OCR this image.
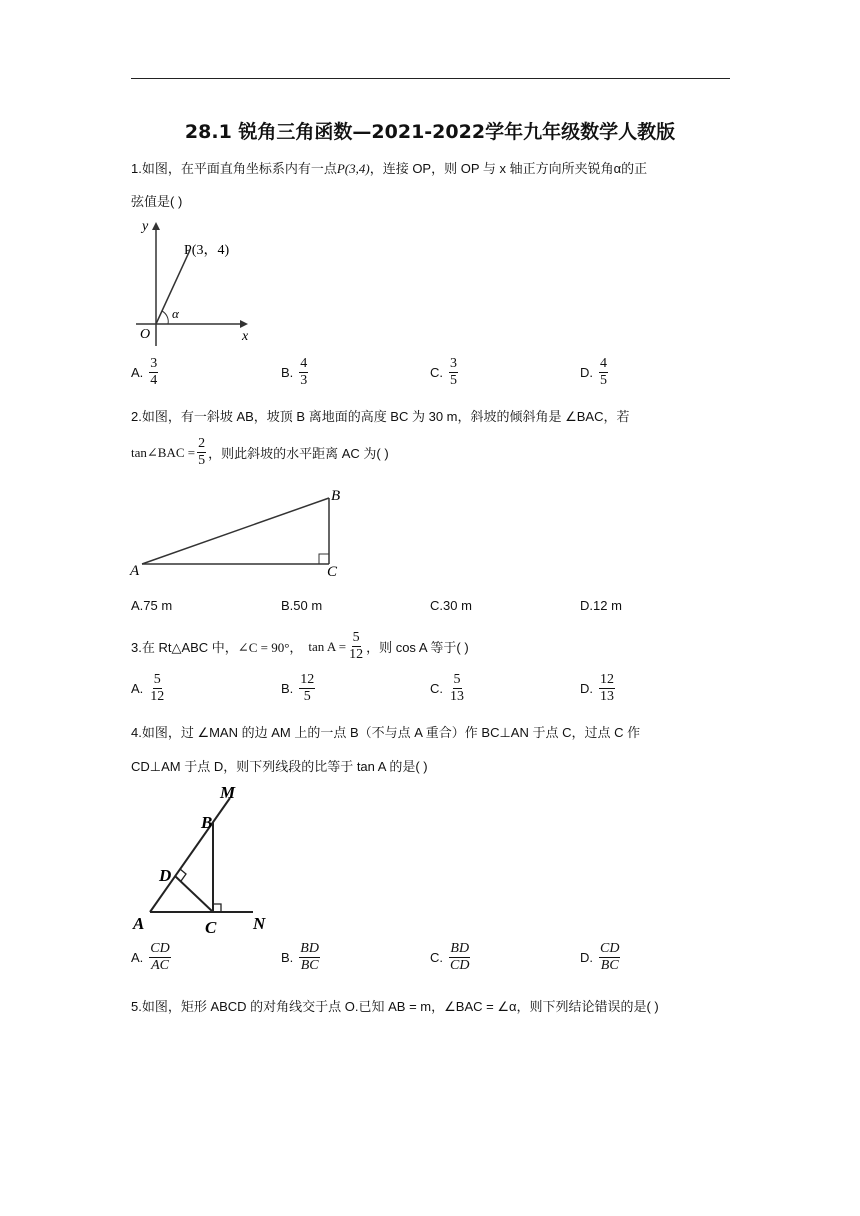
28.1 锐角三角函数—2021-2022学年九年级数学人教版
1.如图，在平面直角坐标系内有一点P(3,4)，连接 OP，则 OP 与 x 轴正方向所夹锐角α的正
弦值是( )
y
x
O
α
P(3，4)
A. $\frac{3}{4}$	B. $\frac{4}{3}$	C. $\frac{3}{5}$	D. $\frac{4}{5}$
2.如图，有一斜坡 AB，坡顶 B 离地面的高度 BC 为 30 m，斜坡的倾斜角是 ∠BAC，若
tan∠BAC = $\frac{2}{5}$ ，则此斜坡的水平距离 AC 为( )
A
B
C
A. 75 m	B. 50 m	C. 30 m	D. 12 m
3.在 Rt△ABC 中， ∠C = 90°， $\tan A = \frac{5}{12}$ ，则 cos A 等于( )
A. $\frac{5}{12}$	B. $\frac{12}{5}$	C. $\frac{5}{13}$	D. $\frac{12}{13}$
4.如图，过 ∠MAN 的边 AM 上的一点 B（不与点 A 重合）作 BC⊥AN 于点 C，过点 C 作
CD⊥AM 于点 D，则下列线段的比等于 tan A 的是( )
M
B
D
A	C N
A. $\frac{CD}{AC}$	B. $\frac{BD}{BC}$	C. $\frac{BD}{CD}$	D. $\frac{CD}{BC}$
5.如图，矩形 ABCD 的对角线交于点 O.已知 AB = m，∠BAC = ∠α，则下列结论错误的是( )
